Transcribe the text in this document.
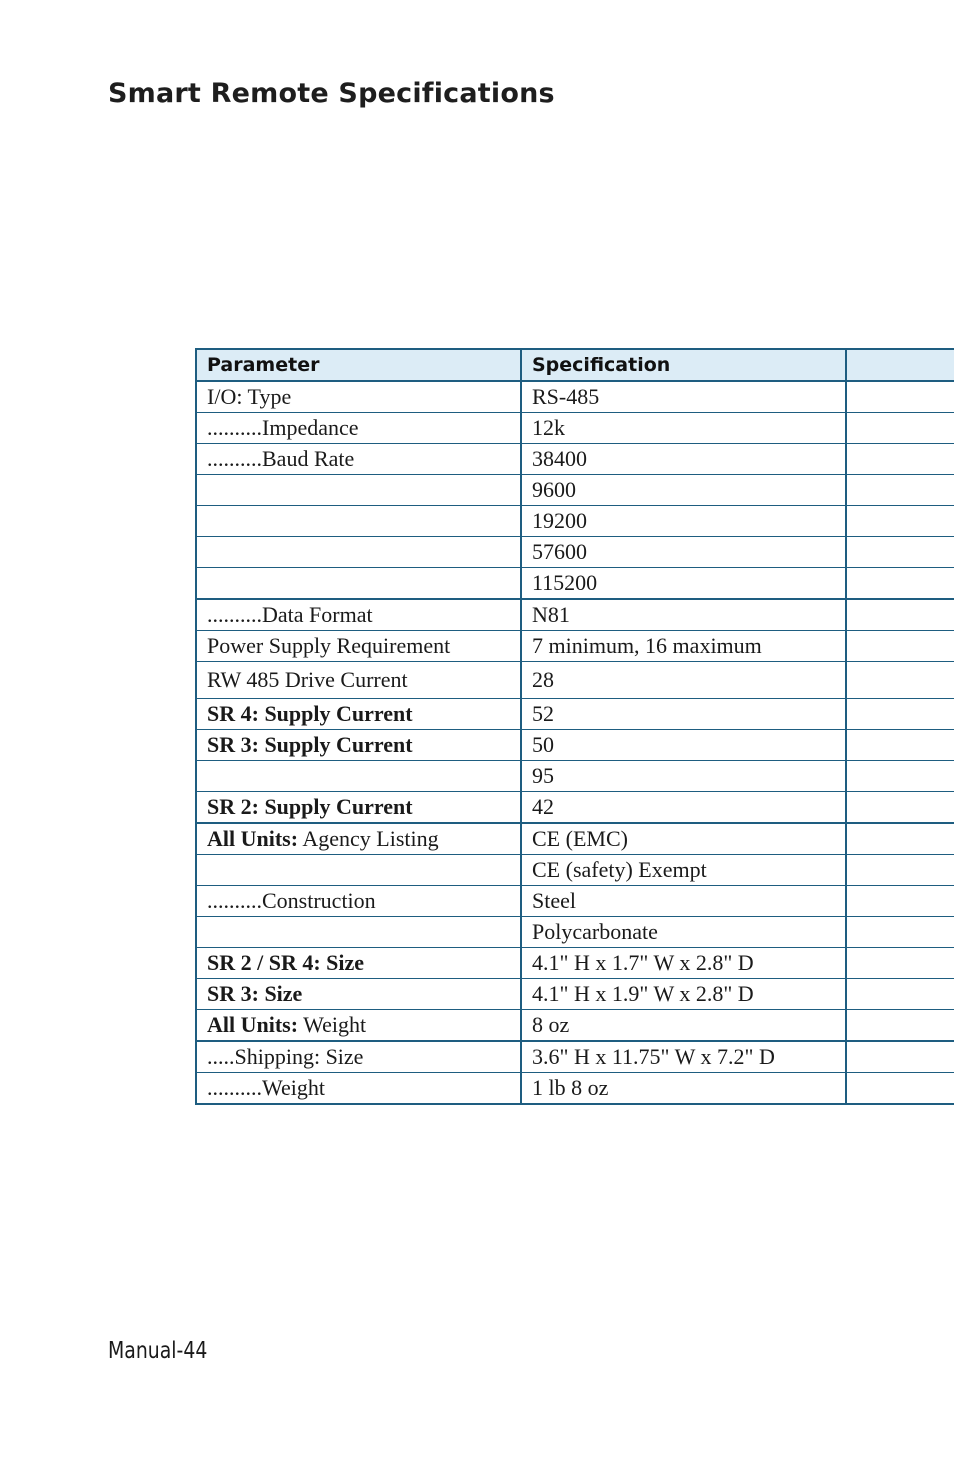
Smart Remote Specifications
Parameter	Specification	
I/O: Type	RS-485	
..........Impedance	12k	
..........Baud Rate	38400	
	9600	
	19200	
	57600	
	115200	
..........Data Format	N81	
Power Supply Requirement	7 minimum, 16 maximum	
RW 485 Drive Current	28	
SR 4: Supply Current	52	
SR 3: Supply Current	50	
	95	
SR 2: Supply Current	42	
All Units: Agency Listing	CE (EMC)	
	CE (safety) Exempt	
..........Construction	Steel	
	Polycarbonate	
SR 2 / SR 4: Size	4.1" H x 1.7" W x 2.8" D	
SR 3: Size	4.1" H x 1.9" W x 2.8" D	
All Units: Weight	8 oz	
.....Shipping: Size	3.6" H x 11.75" W x 7.2" D	
..........Weight	1 lb 8 oz	
Manual-44
